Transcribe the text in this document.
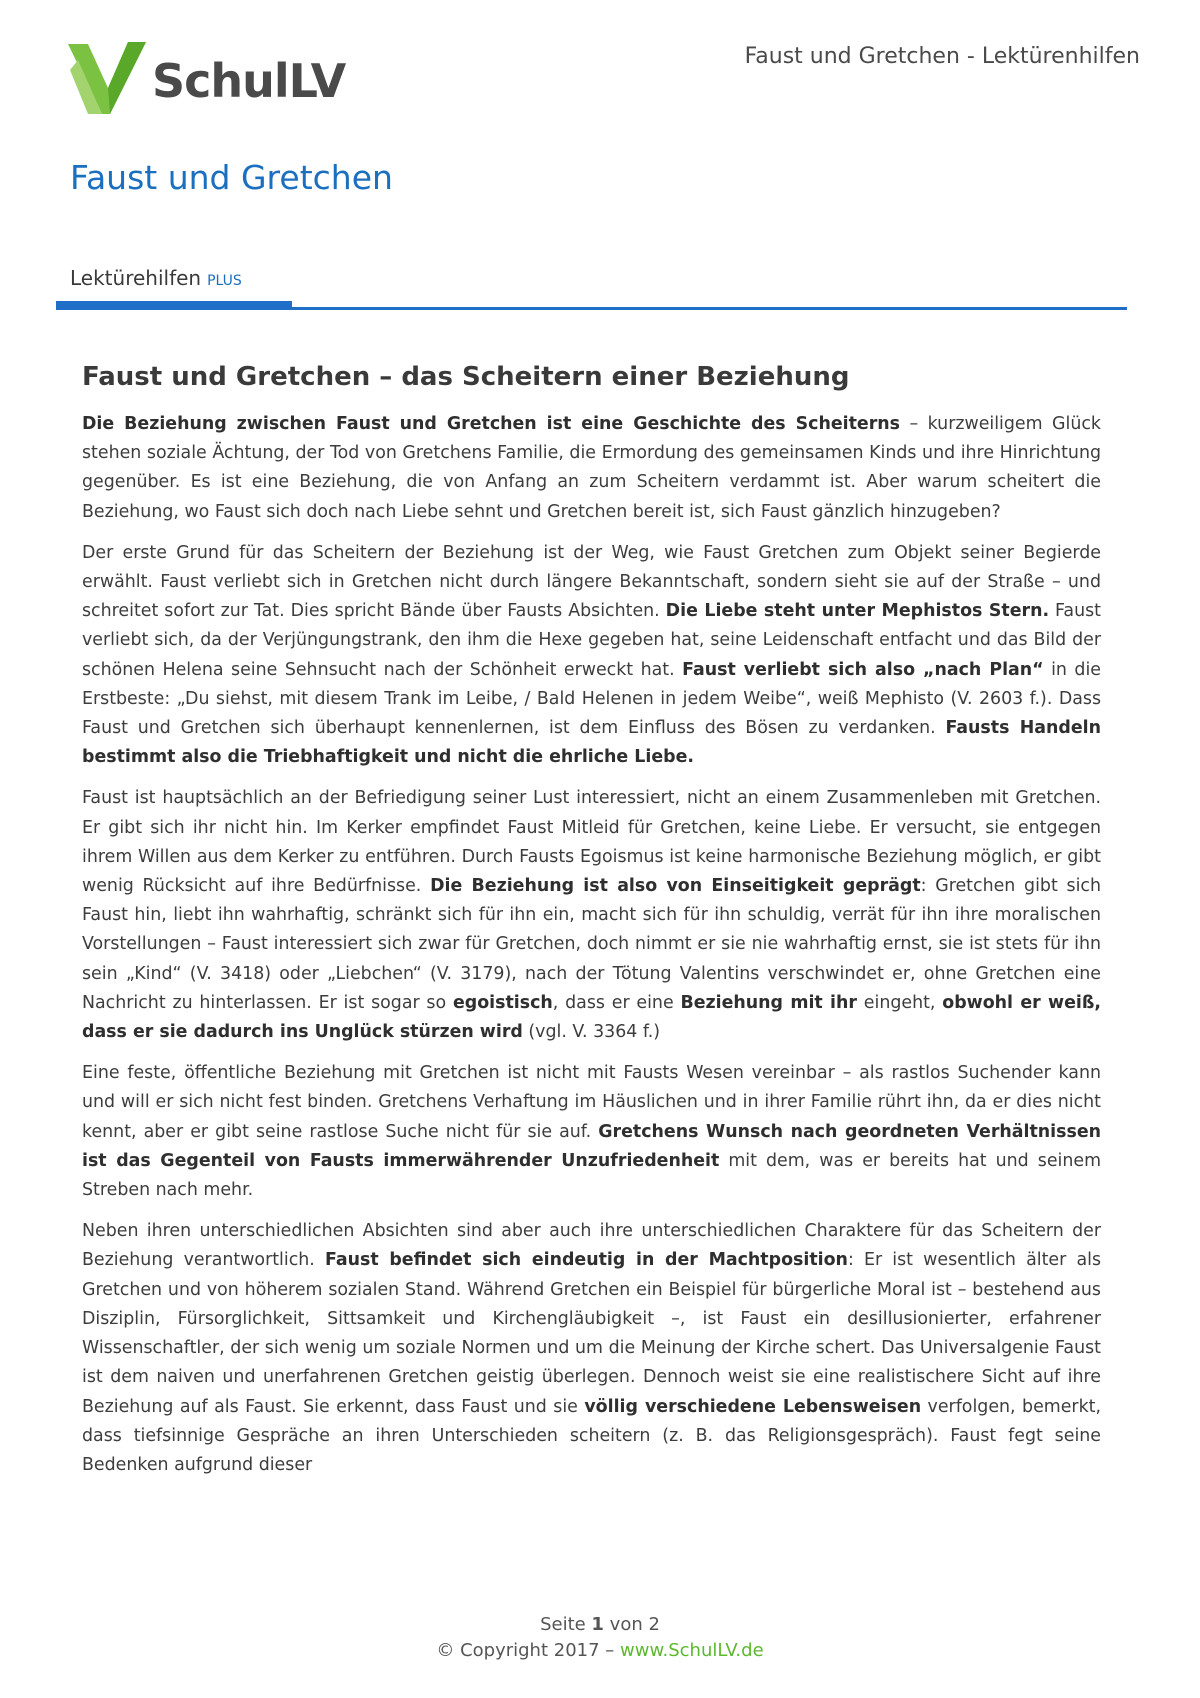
SchulLV	Faust und Gretchen - Lektürenhilfen
Faust und Gretchen
Lektürehilfen PLUS
Faust und Gretchen – das Scheitern einer Beziehung

Die Beziehung zwischen Faust und Gretchen ist eine Geschichte des Scheiterns – kurzweiligem Glück stehen soziale Ächtung, der Tod von Gretchens Familie, die Ermordung des gemeinsamen Kinds und ihre Hinrichtung gegenüber. Es ist eine Beziehung, die von Anfang an zum Scheitern verdammt ist. Aber warum scheitert die Beziehung, wo Faust sich doch nach Liebe sehnt und Gretchen bereit ist, sich Faust gänzlich hinzugeben?

Der erste Grund für das Scheitern der Beziehung ist der Weg, wie Faust Gretchen zum Objekt seiner Begierde erwählt. Faust verliebt sich in Gretchen nicht durch längere Bekanntschaft, sondern sieht sie auf der Straße – und schreitet sofort zur Tat. Dies spricht Bände über Fausts Absichten. Die Liebe steht unter Mephistos Stern. Faust verliebt sich, da der Verjüngungstrank, den ihm die Hexe gegeben hat, seine Leidenschaft entfacht und das Bild der schönen Helena seine Sehnsucht nach der Schönheit erweckt hat. Faust verliebt sich also „nach Plan“ in die Erstbeste: „Du siehst, mit diesem Trank im Leibe, / Bald Helenen in jedem Weibe“, weiß Mephisto (V. 2603 f.). Dass Faust und Gretchen sich überhaupt kennenlernen, ist dem Einfluss des Bösen zu verdanken. Fausts Handeln bestimmt also die Triebhaftigkeit und nicht die ehrliche Liebe.

Faust ist hauptsächlich an der Befriedigung seiner Lust interessiert, nicht an einem Zusammenleben mit Gretchen. Er gibt sich ihr nicht hin. Im Kerker empfindet Faust Mitleid für Gretchen, keine Liebe. Er versucht, sie entgegen ihrem Willen aus dem Kerker zu entführen. Durch Fausts Egoismus ist keine harmonische Beziehung möglich, er gibt wenig Rücksicht auf ihre Bedürfnisse. Die Beziehung ist also von Einseitigkeit geprägt: Gretchen gibt sich Faust hin, liebt ihn wahrhaftig, schränkt sich für ihn ein, macht sich für ihn schuldig, verrät für ihn ihre moralischen Vorstellungen – Faust interessiert sich zwar für Gretchen, doch nimmt er sie nie wahrhaftig ernst, sie ist stets für ihn sein „Kind“ (V. 3418) oder „Liebchen“ (V. 3179), nach der Tötung Valentins verschwindet er, ohne Gretchen eine Nachricht zu hinterlassen. Er ist sogar so egoistisch, dass er eine Beziehung mit ihr eingeht, obwohl er weiß, dass er sie dadurch ins Unglück stürzen wird (vgl. V. 3364 f.)

Eine feste, öffentliche Beziehung mit Gretchen ist nicht mit Fausts Wesen vereinbar – als rastlos Suchender kann und will er sich nicht fest binden. Gretchens Verhaftung im Häuslichen und in ihrer Familie rührt ihn, da er dies nicht kennt, aber er gibt seine rastlose Suche nicht für sie auf. Gretchens Wunsch nach geordneten Verhältnissen ist das Gegenteil von Fausts immerwährender Unzufriedenheit mit dem, was er bereits hat und seinem Streben nach mehr.

Neben ihren unterschiedlichen Absichten sind aber auch ihre unterschiedlichen Charaktere für das Scheitern der Beziehung verantwortlich. Faust befindet sich eindeutig in der Machtposition: Er ist wesentlich älter als Gretchen und von höherem sozialen Stand. Während Gretchen ein Beispiel für bürgerliche Moral ist – bestehend aus Disziplin, Fürsorglichkeit, Sittsamkeit und Kirchengläubigkeit –, ist Faust ein desillusionierter, erfahrener Wissenschaftler, der sich wenig um soziale Normen und um die Meinung der Kirche schert. Das Universalgenie Faust ist dem naiven und unerfahrenen Gretchen geistig überlegen. Dennoch weist sie eine realistischere Sicht auf ihre Beziehung auf als Faust. Sie erkennt, dass Faust und sie völlig verschiedene Lebensweisen verfolgen, bemerkt, dass tiefsinnige Gespräche an ihren Unterschieden scheitern (z. B. das Religionsgespräch). Faust fegt seine Bedenken aufgrund dieser

Seite 1 von 2
© Copyright 2017 – www.SchulLV.de
